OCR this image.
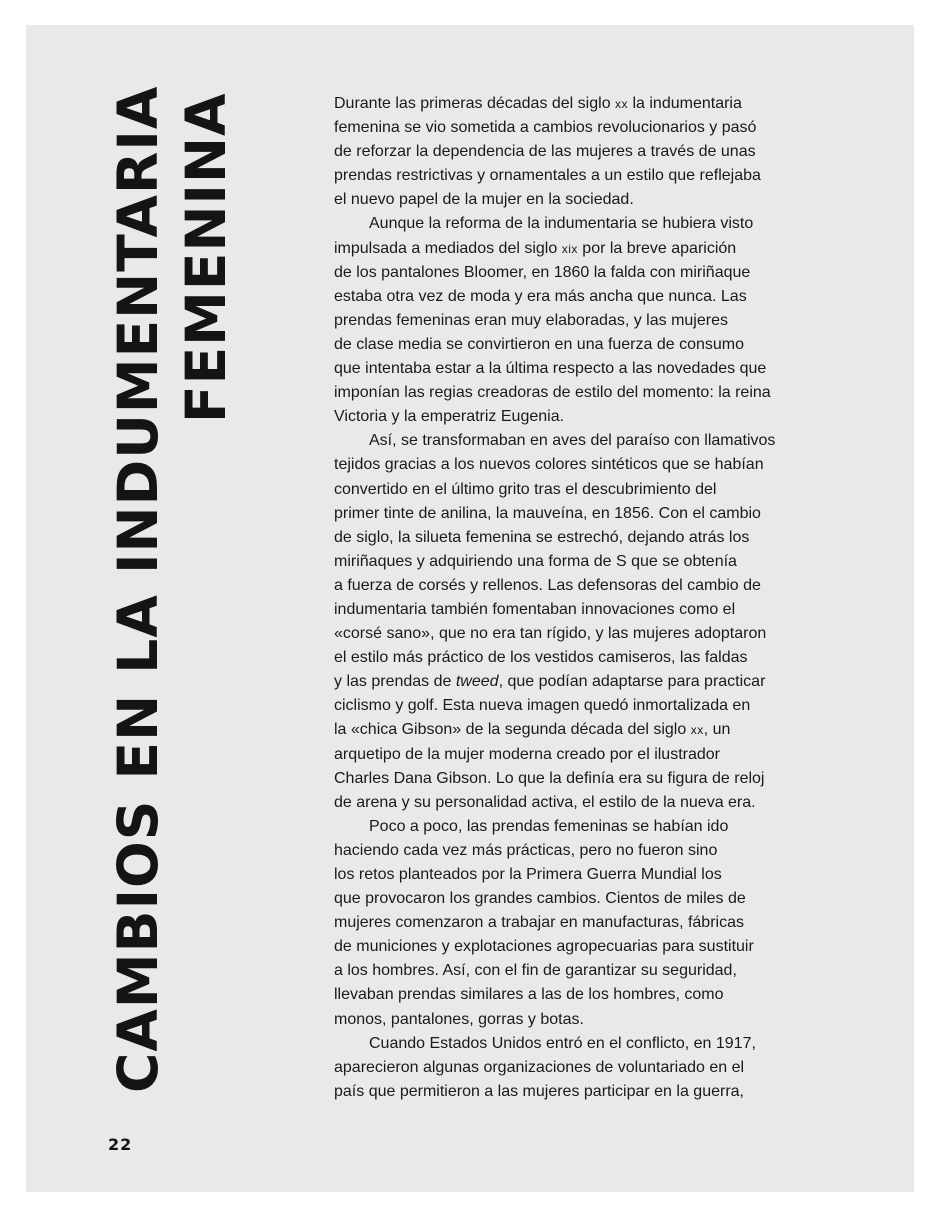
CAMBIOS EN LA INDUMENTARIA FEMENINA
22
Durante las primeras décadas del siglo xx la indumentaria
femenina se vio sometida a cambios revolucionarios y pasó
de reforzar la dependencia de las mujeres a través de unas
prendas restrictivas y ornamentales a un estilo que reflejaba
el nuevo papel de la mujer en la sociedad.
Aunque la reforma de la indumentaria se hubiera visto
impulsada a mediados del siglo xix por la breve aparición
de los pantalones Bloomer, en 1860 la falda con miriñaque
estaba otra vez de moda y era más ancha que nunca. Las
prendas femeninas eran muy elaboradas, y las mujeres
de clase media se convirtieron en una fuerza de consumo
que intentaba estar a la última respecto a las novedades que
imponían las regias creadoras de estilo del momento: la reina
Victoria y la emperatriz Eugenia.
Así, se transformaban en aves del paraíso con llamativos
tejidos gracias a los nuevos colores sintéticos que se habían
convertido en el último grito tras el descubrimiento del
primer tinte de anilina, la mauveína, en 1856. Con el cambio
de siglo, la silueta femenina se estrechó, dejando atrás los
miriñaques y adquiriendo una forma de S que se obtenía
a fuerza de corsés y rellenos. Las defensoras del cambio de
indumentaria también fomentaban innovaciones como el
«corsé sano», que no era tan rígido, y las mujeres adoptaron
el estilo más práctico de los vestidos camiseros, las faldas
y las prendas de tweed, que podían adaptarse para practicar
ciclismo y golf. Esta nueva imagen quedó inmortalizada en
la «chica Gibson» de la segunda década del siglo xx, un
arquetipo de la mujer moderna creado por el ilustrador
Charles Dana Gibson. Lo que la definía era su figura de reloj
de arena y su personalidad activa, el estilo de la nueva era.
Poco a poco, las prendas femeninas se habían ido
haciendo cada vez más prácticas, pero no fueron sino
los retos planteados por la Primera Guerra Mundial los
que provocaron los grandes cambios. Cientos de miles de
mujeres comenzaron a trabajar en manufacturas, fábricas
de municiones y explotaciones agropecuarias para sustituir
a los hombres. Así, con el fin de garantizar su seguridad,
llevaban prendas similares a las de los hombres, como
monos, pantalones, gorras y botas.
Cuando Estados Unidos entró en el conflicto, en 1917,
aparecieron algunas organizaciones de voluntariado en el
país que permitieron a las mujeres participar en la guerra,
